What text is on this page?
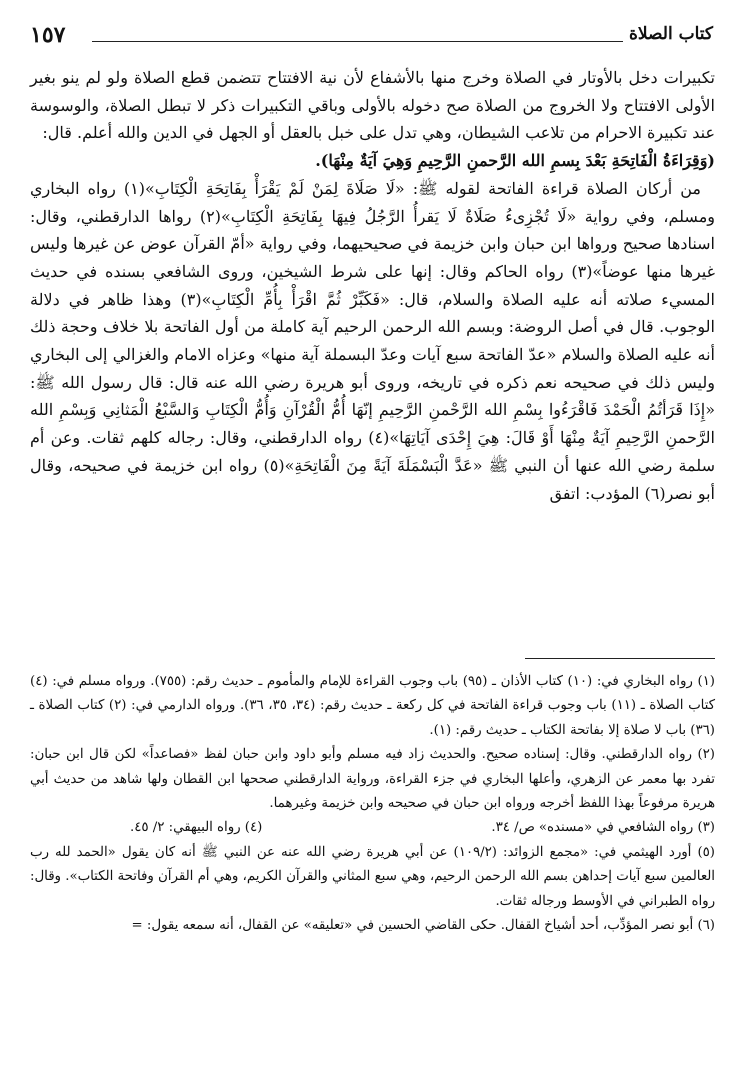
١٥٧	كتاب الصلاة

تكبيرات دخل بالأوتار في الصلاة وخرج منها بالأشفاع لأن نية الافتتاح تتضمن قطع الصلاة ولو لم ينو بغير الأولى الافتتاح ولا الخروج من الصلاة صح دخوله بالأولى وباقي التكبيرات ذكر لا تبطل الصلاة، والوسوسة عند تكبيرة الاحرام من تلاعب الشيطان، وهي تدل على خبل بالعقل أو الجهل في الدين والله أعلم. قال:

(وَقِرَاءَةُ الْفَاتِحَةِ بَعْدَ بِسمِ الله الرَّحمنِ الرَّحِيمِ وَهِيَ آيَةٌ مِنْهَا).

من أركان الصلاة قراءة الفاتحة لقوله ﷺ: «لَا صَلَاةَ لِمَنْ لَمْ يَقْرَأْ بِفَاتِحَةِ الْكِتَابِ»(١) رواه البخاري ومسلم، وفي رواية «لَا تُجْزِىءُ صَلَاةٌ لَا يَقرأُ الرَّجُلُ فِيهَا بِفَاتِحَةِ الْكِتَابِ»(٢) رواها الدارقطني، وقال: اسنادها صحيح ورواها ابن حبان وابن خزيمة في صحيحيهما، وفي رواية «أمّ القرآن عوض عن غيرها وليس غيرها منها عوضاً»(٣) رواه الحاكم وقال: إنها على شرط الشيخين، وروى الشافعي بسنده في حديث المسيء صلاته أنه عليه الصلاة والسلام، قال: «فَكَبِّرْ ثُمَّ اقْرَأْ بِأُمِّ الْكِتَابِ»(٣) وهذا ظاهر في دلالة الوجوب. قال في أصل الروضة: وبسم الله الرحمن الرحيم آية كاملة من أول الفاتحة بلا خلاف وحجة ذلك أنه عليه الصلاة والسلام «عدّ الفاتحة سبع آيات وعدّ البسملة آية منها» وعزاه الامام والغزالي إلى البخاري وليس ذلك في صحيحه نعم ذكره في تاريخه، وروى أبو هريرة رضي الله عنه قال: قال رسول الله ﷺ: «إِذَا قَرَأتُمُ الْحَمْدَ فَاقْرَءُوا بِسْمِ الله الرَّحْمنِ الرَّحِيمِ إنّهَا أُمُّ الْقُرْآنِ وَأُمُّ الْكِتَابِ وَالسَّبْعُ الْمَثانِي وَبِسْمِ الله الرَّحمنِ الرَّحِيمِ آيَةٌ مِنْهَا أَوْ قَالَ: هِيَ إِحْدَى آيَاتِهَا»(٤) رواه الدارقطني، وقال: رجاله كلهم ثقات. وعن أم سلمة رضي الله عنها أن النبي ﷺ «عَدَّ الْبَسْمَلَةَ آيَةً مِنَ الْفَاتِحَةِ»(٥) رواه ابن خزيمة في صحيحه، وقال أبو نصر(٦) المؤدب: اتفق

(١) رواه البخاري في: (١٠) كتاب الأذان ـ (٩٥) باب وجوب القراءة للإمام والمأموم ـ حديث رقم: (٧٥٥). ورواه مسلم في: (٤) كتاب الصلاة ـ (١١) باب وجوب قراءة الفاتحة في كل ركعة ـ حديث رقم: (٣٤، ٣٥، ٣٦). ورواه الدارمي في: (٢) كتاب الصلاة ـ (٣٦) باب لا صلاة إلا بفاتحة الكتاب ـ حديث رقم: (١).

(٢) رواه الدارقطني. وقال: إسناده صحيح. والحديث زاد فيه مسلم وأبو داود وابن حبان لفظ «فصاعداً» لكن قال ابن حبان: تفرد بها معمر عن الزهري، وأعلها البخاري في جزء القراءة، ورواية الدارقطني صححها ابن القطان ولها شاهد من حديث أبي هريرة مرفوعاً بهذا اللفظ أخرجه ورواه ابن حبان في صحيحه وابن خزيمة وغيرهما.

(٣) رواه الشافعي في «مسنده» ص/ ٣٤.
(٤) رواه البيهقي: ٢/ ٤٥.

(٥) أورد الهيثمي في: «مجمع الزوائد: (١٠٩/٢) عن أبي هريرة رضي الله عنه عن النبي ﷺ أنه كان يقول «الحمد لله رب العالمين سبع آيات إحداهن بسم الله الرحمن الرحيم، وهي سبع المثاني والقرآن الكريم، وهي أم القرآن وفاتحة الكتاب». وقال: رواه الطبراني في الأوسط ورجاله ثقات.

(٦) أبو نصر المؤدِّب، أحد أشياخ القفال. حكى القاضي الحسين في «تعليقه» عن القفال، أنه سمعه يقول: =
